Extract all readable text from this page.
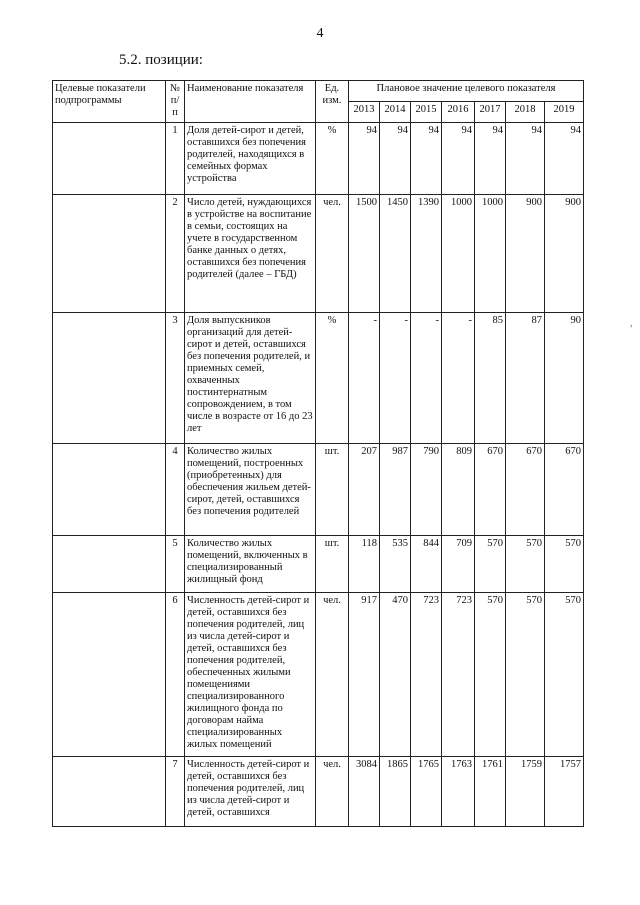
4
5.2. позиции:
Целевые показатели подпрограммы	№ п/п	Наименование показателя	Ед. изм.	Плановое значение целевого показателя						
				2013	2014	2015	2016	2017	2018	2019
	1	Доля детей-сирот и детей, оставшихся без попечения родителей, находящихся в семейных формах устройства	%	94	94	94	94	94	94	94
	2	Число детей, нуждающихся в устройстве на воспитание в семьи, состоящих на учете в государственном банке данных о детях, оставшихся без попечения родителей (далее – ГБД)	чел.	1500	1450	1390	1000	1000	900	900
	3	Доля выпускников организаций для детей-сирот и детей, оставшихся без попечения родителей, и приемных семей, охваченных постинтернатным сопровождением, в том числе в возрасте от 16 до 23 лет	%	-	-	-	-	85	87	90
	4	Количество жилых помещений, построенных (приобретенных) для обеспечения жильем детей-сирот, детей, оставшихся без попечения родителей	шт.	207	987	790	809	670	670	670
	5	Количество жилых помещений, включенных в специализированный жилищный фонд	шт.	118	535	844	709	570	570	570
	6	Численность детей-сирот и детей, оставшихся без попечения родителей, лиц из числа детей-сирот и детей, оставшихся без попечения родителей, обеспеченных жилыми помещениями специализированного жилищного фонда по договорам найма специализированных жилых помещений	чел.	917	470	723	723	570	570	570
	7	Численность детей-сирот и детей, оставшихся без попечения родителей, лиц из числа детей-сирот и детей, оставшихся	чел.	3084	1865	1765	1763	1761	1759	1757
,
